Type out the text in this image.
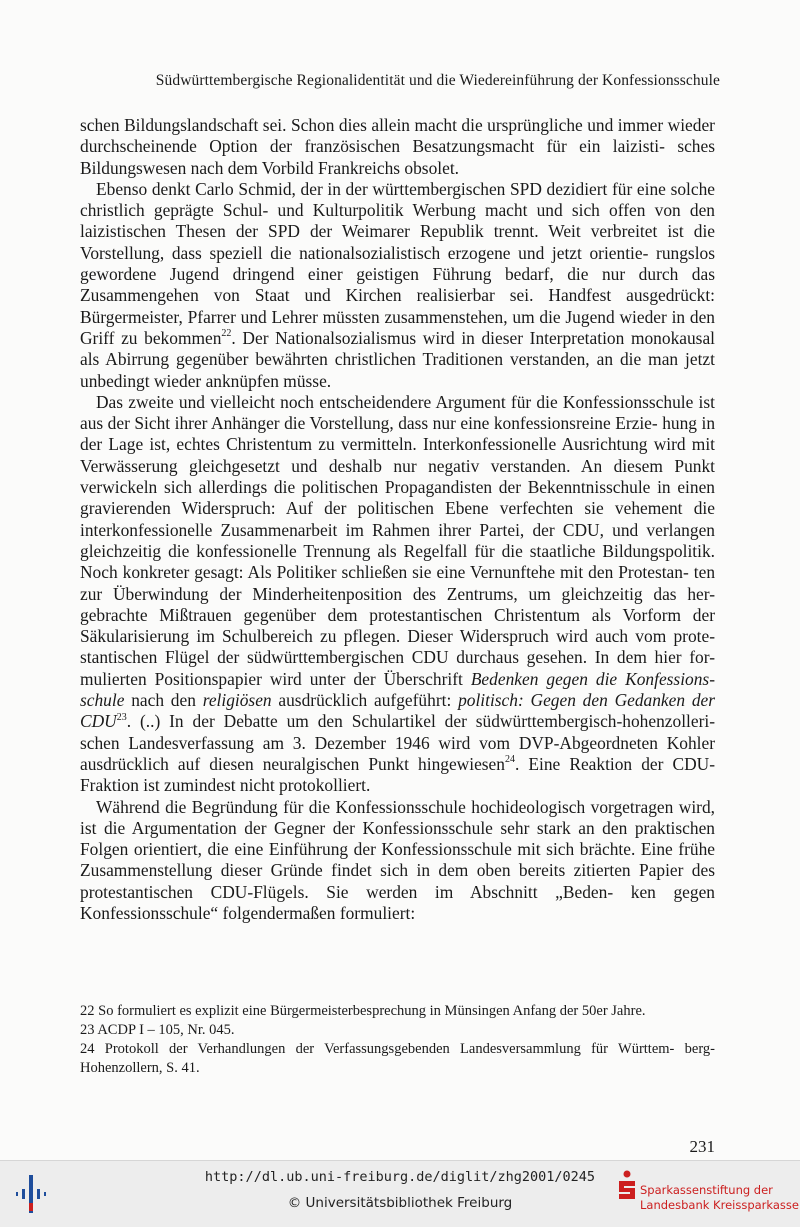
Südwürttembergische Regionalidentität und die Wiedereinführung der Konfessionsschule

schen Bildungslandschaft sei. Schon dies allein macht die ursprüngliche und immer wieder durchscheinende Option der französischen Besatzungsmacht für ein laizisti- sches Bildungswesen nach dem Vorbild Frankreichs obsolet.

Ebenso denkt Carlo Schmid, der in der württembergischen SPD dezidiert für eine solche christlich geprägte Schul- und Kulturpolitik Werbung macht und sich offen von den laizistischen Thesen der SPD der Weimarer Republik trennt. Weit verbreitet ist die Vorstellung, dass speziell die nationalsozialistisch erzogene und jetzt orientie- rungslos gewordene Jugend dringend einer geistigen Führung bedarf, die nur durch das Zusammengehen von Staat und Kirchen realisierbar sei. Handfest ausgedrückt: Bürgermeister, Pfarrer und Lehrer müssten zusammenstehen, um die Jugend wieder in den Griff zu bekommen$^{22}$. Der Nationalsozialismus wird in dieser Interpretation monokausal als Abirrung gegenüber bewährten christlichen Traditionen verstanden, an die man jetzt unbedingt wieder anknüpfen müsse.

Das zweite und vielleicht noch entscheidendere Argument für die Konfessionsschule ist aus der Sicht ihrer Anhänger die Vorstellung, dass nur eine konfessionsreine Erzie- hung in der Lage ist, echtes Christentum zu vermitteln. Interkonfessionelle Ausrichtung wird mit Verwässerung gleichgesetzt und deshalb nur negativ verstanden. An diesem Punkt verwickeln sich allerdings die politischen Propagandisten der Bekenntnisschule in einen gravierenden Widerspruch: Auf der politischen Ebene verfechten sie vehement die interkonfessionelle Zusammenarbeit im Rahmen ihrer Partei, der CDU, und verlangen gleichzeitig die konfessionelle Trennung als Regelfall für die staatliche Bildungspolitik. Noch konkreter gesagt: Als Politiker schließen sie eine Vernunftehe mit den Protestan- ten zur Überwindung der Minderheitenposition des Zentrums, um gleichzeitig das her- gebrachte Mißtrauen gegenüber dem protestantischen Christentum als Vorform der Säkularisierung im Schulbereich zu pflegen. Dieser Widerspruch wird auch vom prote- stantischen Flügel der südwürttembergischen CDU durchaus gesehen. In dem hier for- mulierten Positionspapier wird unter der Überschrift Bedenken gegen die Konfessions- schule nach den religiösen ausdrücklich aufgeführt: politisch: Gegen den Gedanken der CDU$^{23}$. (..) In der Debatte um den Schulartikel der südwürttembergisch-hohenzolleri- schen Landesverfassung am 3. Dezember 1946 wird vom DVP-Abgeordneten Kohler ausdrücklich auf diesen neuralgischen Punkt hingewiesen$^{24}$. Eine Reaktion der CDU- Fraktion ist zumindest nicht protokolliert.

Während die Begründung für die Konfessionsschule hochideologisch vorgetragen wird, ist die Argumentation der Gegner der Konfessionsschule sehr stark an den praktischen Folgen orientiert, die eine Einführung der Konfessionsschule mit sich brächte. Eine frühe Zusammenstellung dieser Gründe findet sich in dem oben bereits zitierten Papier des protestantischen CDU-Flügels. Sie werden im Abschnitt „Beden- ken gegen Konfessionsschule“ folgendermaßen formuliert:

22 So formuliert es explizit eine Bürgermeisterbesprechung in Münsingen Anfang der 50er Jahre.

23 ACDP I – 105, Nr. 045.

24 Protokoll der Verhandlungen der Verfassungsgebenden Landesversammlung für Württem- berg-Hohenzollern, S. 41.

231
http://dl.ub.uni-freiburg.de/diglit/zhg2001/0245
© Universitätsbibliothek Freiburg
Sparkassenstiftung der
Landesbank Kreissparkasse
